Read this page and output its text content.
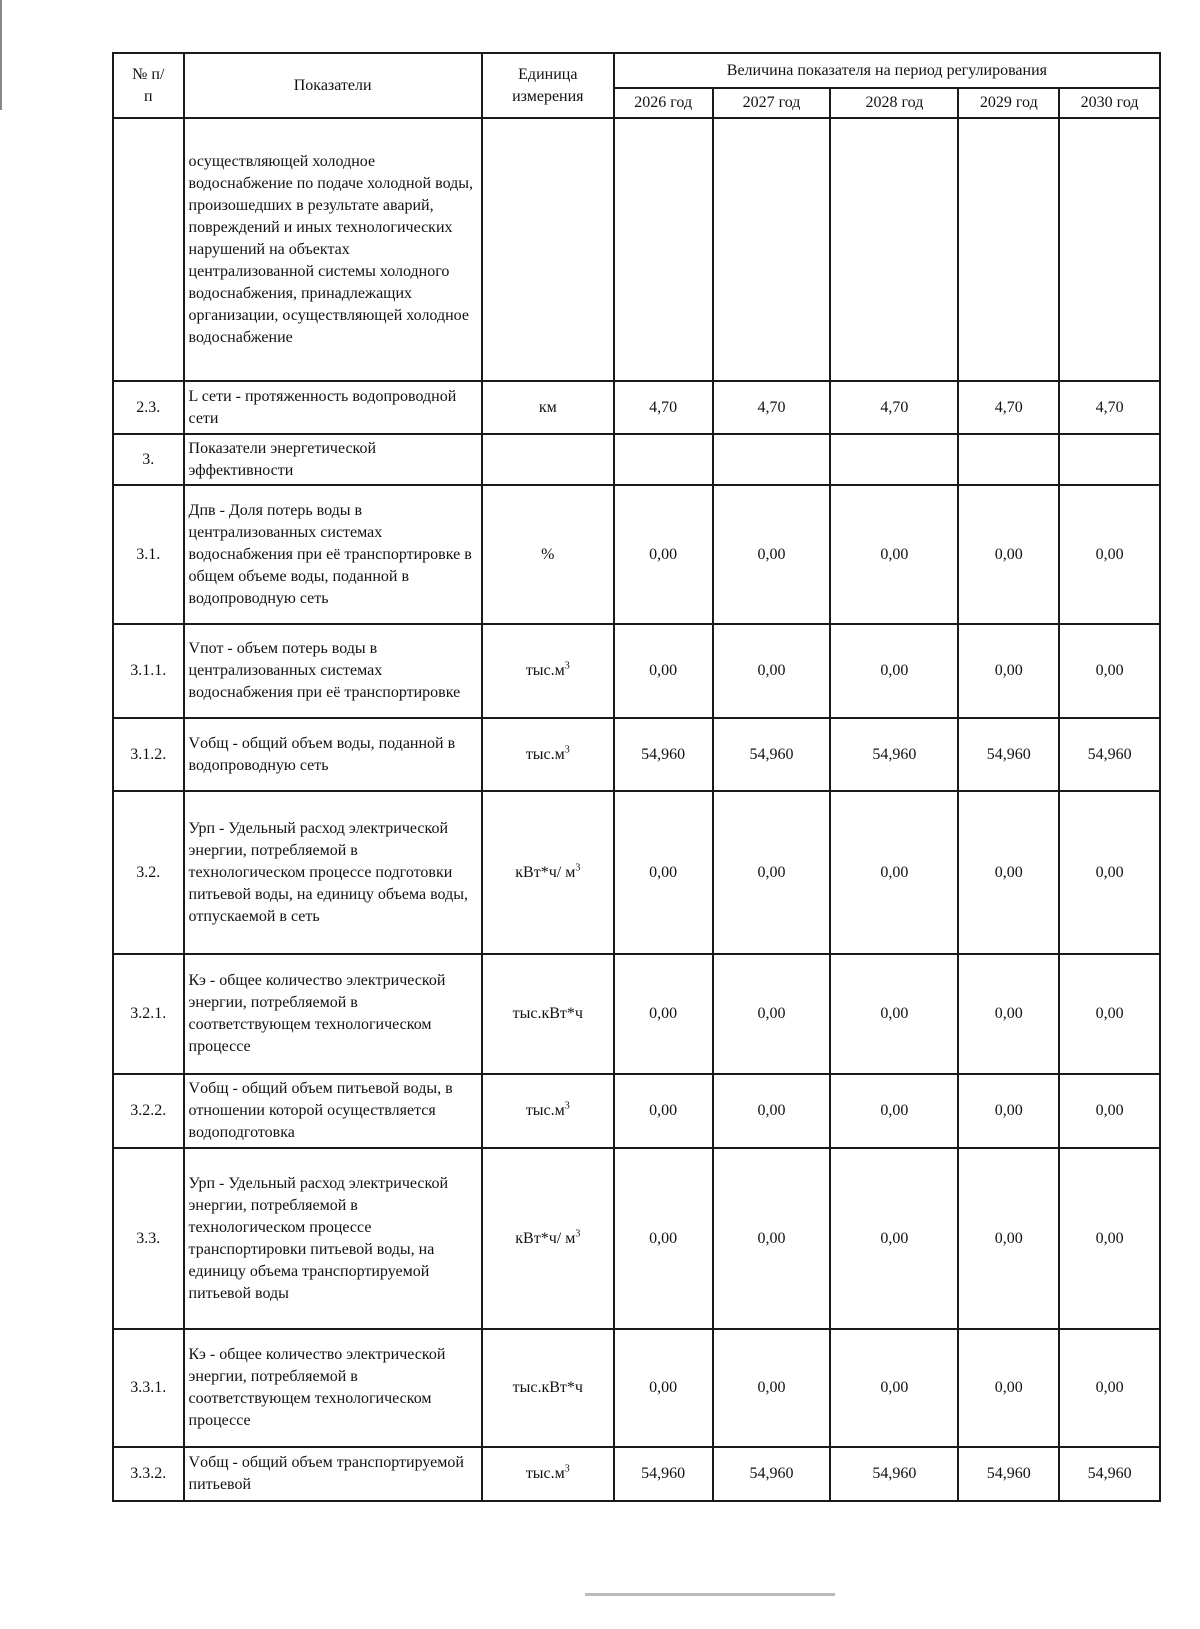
№ п/п	Показатели	Единица измерения	Величина показателя на период регулирования				
			2026 год	2027 год	2028 год	2029 год	2030 год
	осуществляющей холодное водоснабжение по подаче холодной воды, произошедших в результате аварий, повреждений и иных технологических нарушений на объектах централизованной системы холодного водоснабжения, принадлежащих организации, осуществляющей холодное водоснабжение						
2.3.	L сети - протяженность водопроводной сети	км	4,70	4,70	4,70	4,70	4,70
3.	Показатели энергетической эффективности						
3.1.	Дпв - Доля потерь воды в централизованных системах водоснабжения при её транспортировке в общем объеме воды, поданной в водопроводную сеть	%	0,00	0,00	0,00	0,00	0,00
3.1.1.	Vпот - объем потерь воды в централизованных системах водоснабжения при её транспортировке	$тыс.м^3$	0,00	0,00	0,00	0,00	0,00
3.1.2.	Vобщ - общий объем воды, поданной в водопроводную сеть	$тыс.м^3$	54,960	54,960	54,960	54,960	54,960
3.2.	Урп - Удельный расход электрической энергии, потребляемой в технологическом процессе подготовки питьевой воды, на единицу объема воды, отпускаемой в сеть	кВт*ч/ $м^3$	0,00	0,00	0,00	0,00	0,00
3.2.1.	Кэ - общее количество электрической энергии, потребляемой в соответствующем технологическом процессе	тыс.кВт*ч	0,00	0,00	0,00	0,00	0,00
3.2.2.	Vобщ - общий объем питьевой воды, в отношении которой осуществляется водоподготовка	$тыс.м^3$	0,00	0,00	0,00	0,00	0,00
3.3.	Урп - Удельный расход электрической энергии, потребляемой в технологическом процессе транспортировки питьевой воды, на единицу объема транспортируемой питьевой воды	кВт*ч/ $м^3$	0,00	0,00	0,00	0,00	0,00
3.3.1.	Кэ - общее количество электрической энергии, потребляемой в соответствующем технологическом процессе	тыс.кВт*ч	0,00	0,00	0,00	0,00	0,00
3.3.2.	Vобщ - общий объем транспортируемой питьевой	$тыс.м^3$	54,960	54,960	54,960	54,960	54,960
